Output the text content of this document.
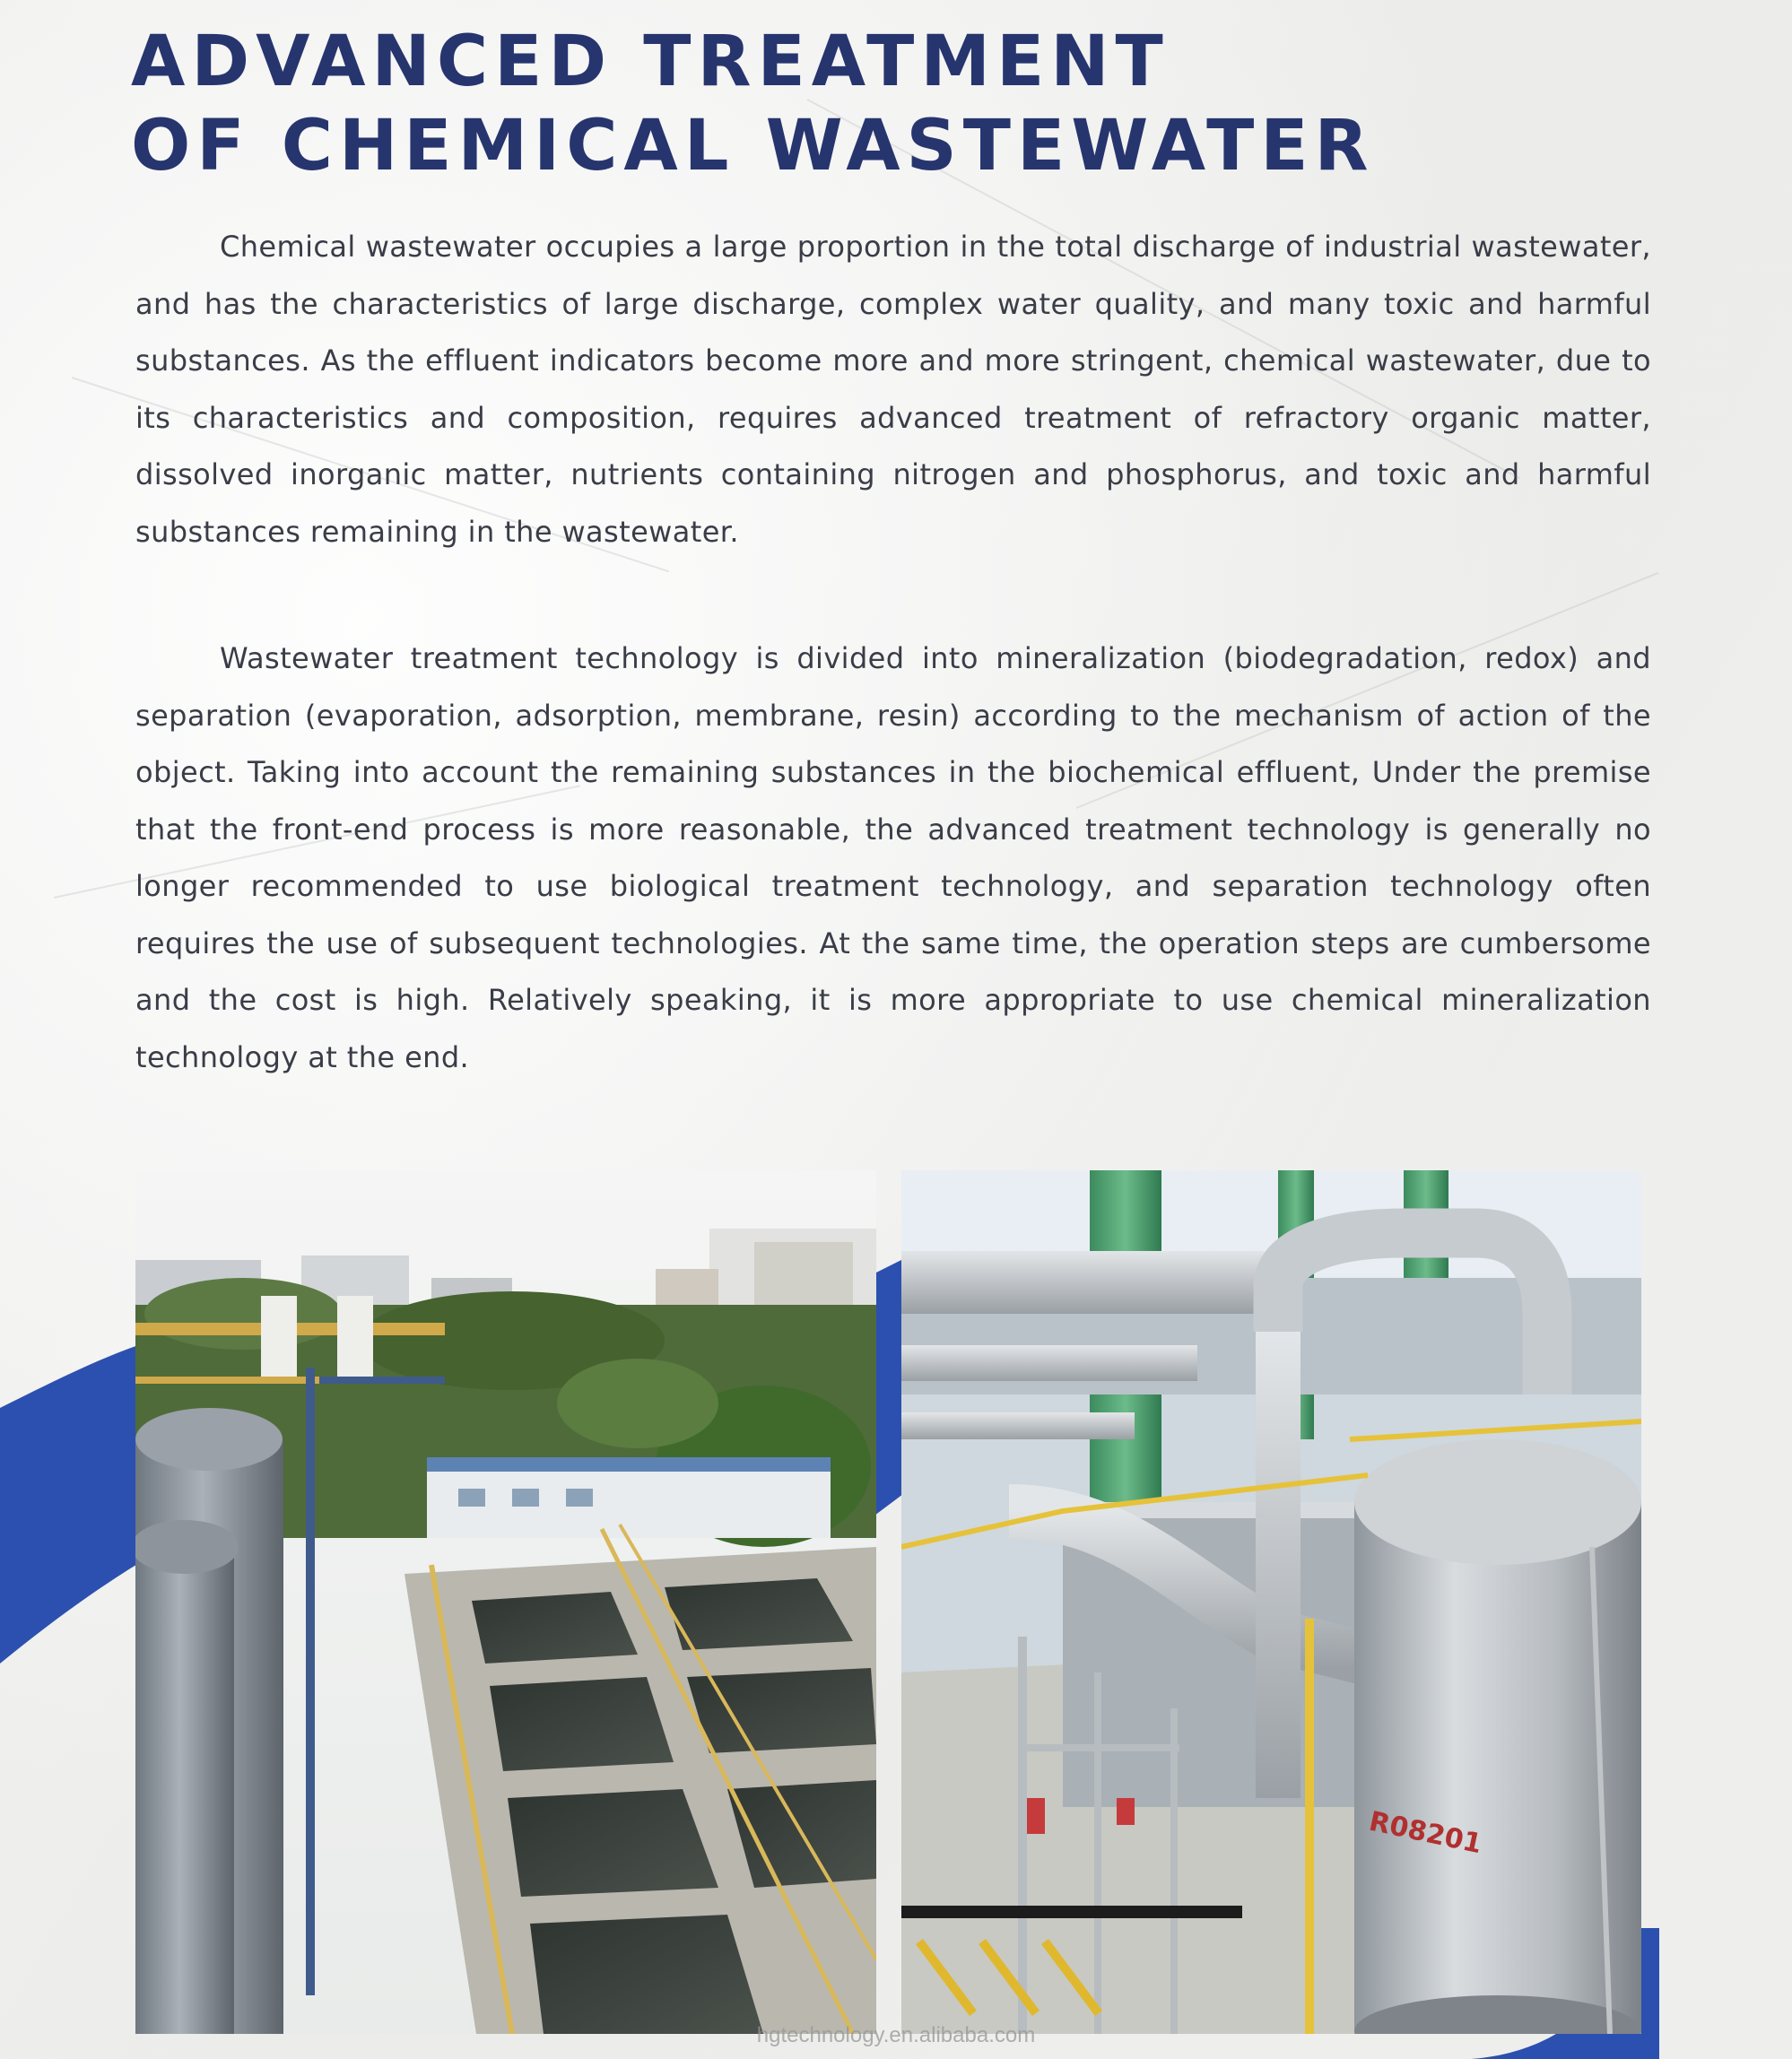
ADVANCED TREATMENT
OF CHEMICAL WASTEWATER

Chemical wastewater occupies a large proportion in the total discharge of industrial wastewater, and has the characteristics of large discharge, complex water quality, and many toxic and harmful substances. As the effluent indicators become more and more stringent, chemical wastewater, due to its characteristics and composition, requires advanced treatment of refractory organic matter, dissolved inorganic matter, nutrients containing nitrogen and phosphorus, and toxic and harmful substances remaining in the wastewater.

Wastewater treatment technology is divided into mineralization (biodegradation, redox) and separation (evaporation, adsorption, membrane, resin) according to the mechanism of action of the object. Taking into account the remaining substances in the biochemical effluent, Under the premise that the front-end process is more reasonable, the advanced treatment technology is generally no longer recommended to use biological treatment technology, and separation technology often requires the use of subsequent technologies. At the same time, the operation steps are cumbersome and the cost is high. Relatively speaking, it is more appropriate to use chemical mineralization technology at the end.

R08201
hgtechnology.en.alibaba.com
